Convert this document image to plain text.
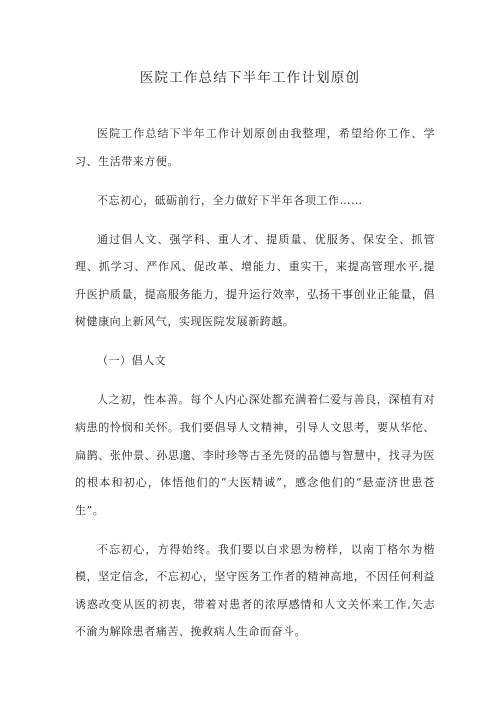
医院工作总结下半年工作计划原创

医院工作总结下半年工作计划原创由我整理，希望给你工作、学习、生活带来方便。

不忘初心，砥砺前行，全力做好下半年各项工作……

通过倡人文、强学科、重人才、提质量、优服务、保安全、抓管理、抓学习、严作风、促改革、增能力、重实干，来提高管理水平,提升医护质量，提高服务能力，提升运行效率，弘扬干事创业正能量，倡树健康向上新风气，实现医院发展新跨越。

（一）倡人文

人之初，性本善。每个人内心深处都充满着仁爱与善良，深植有对病患的怜悯和关怀。我们要倡导人文精神，引导人文思考，要从华佗、扁鹊、张仲景、孙思邈、李时珍等古圣先贤的品德与智慧中，找寻为医的根本和初心，体悟他们的“大医精诚”，感念他们的“悬壶济世患苍生”。

不忘初心，方得始终。我们要以白求恩为榜样，以南丁格尔为楷模，坚定信念，不忘初心，坚守医务工作者的精神高地，不因任何利益诱惑改变从医的初衷，带着对患者的浓厚感情和人文关怀来工作,矢志不渝为解除患者痛苦、挽救病人生命而奋斗。
